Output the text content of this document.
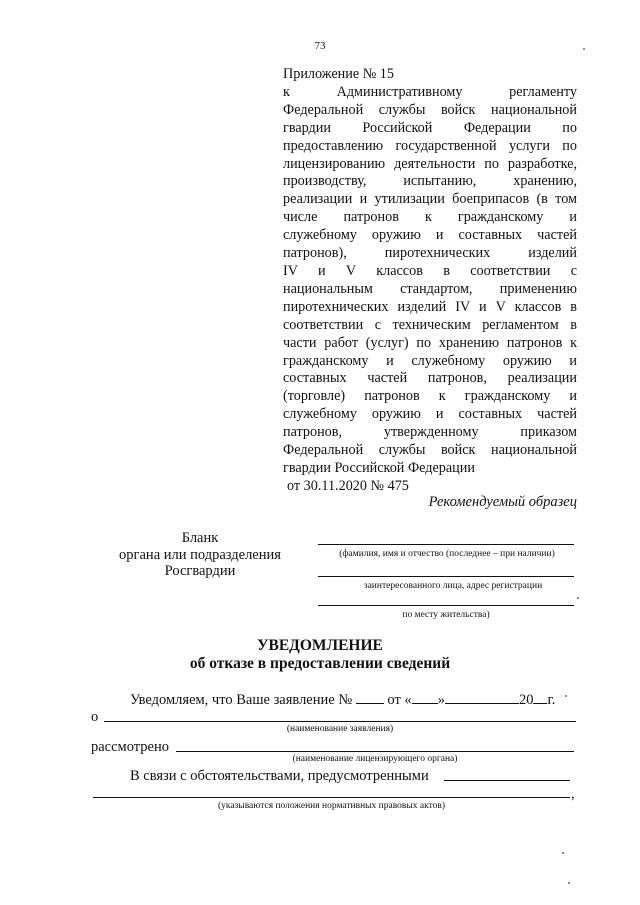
73
Приложение № 15
к Административному регламенту
Федеральной службы войск национальной
гвардии Российской Федерации по
предоставлению государственной услуги по
лицензированию деятельности по разработке,
производству, испытанию, хранению,
реализации и утилизации боеприпасов (в том
числе патронов к гражданскому и
служебному оружию и составных частей
патронов), пиротехнических изделий
IV и V классов в соответствии с
национальным стандартом, применению
пиротехнических изделий IV и V классов в
соответствии с техническим регламентом в
части работ (услуг) по хранению патронов к
гражданскому и служебному оружию и
составных частей патронов, реализации
(торговле) патронов к гражданскому и
служебному оружию и составных частей
патронов, утвержденному приказом
Федеральной службы войск национальной
гвардии Российской Федерации
от 30.11.2020 № 475
Рекомендуемый образец
Бланк
органа или подразделения
Росгвардии
(фамилия, имя и отчество (последнее – при наличии)
заинтересованного лица, адрес регистрации
по месту жительства)
УВЕДОМЛЕНИЕ
об отказе в предоставлении сведений
Уведомляем, что Ваше заявление № от « »	20 г.
о
(наименование заявления)
рассмотрено
(наименование лицензирующего органа)
В связи с обстоятельствами, предусмотренными
,
(указываются положения нормативных правовых актов)
